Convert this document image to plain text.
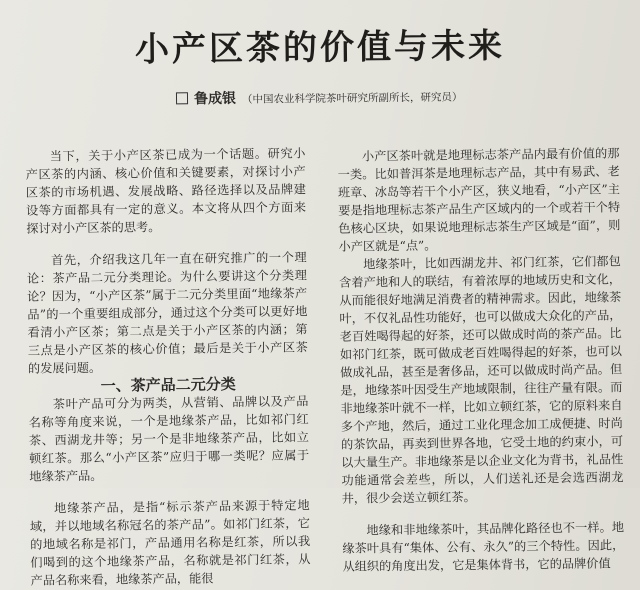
小产区茶的价值与未来
鲁成银 （中国农业科学院茶叶研究所副所长，研究员）

当下，关于小产区茶已成为一个话题。研究小产区茶的内涵、核心价值和关键要素，对探讨小产区茶的市场机遇、发展战略、路径选择以及品牌建设等方面都具有一定的意义。本文将从四个方面来探讨对小产区茶的思考。

首先，介绍我这几年一直在研究推广的一个理论：茶产品二元分类理论。为什么要讲这个分类理论？因为，“小产区茶”属于二元分类里面“地缘茶产品”的一个重要组成部分，通过这个分类可以更好地看清小产区茶；第二点是关于小产区茶的内涵；第三点是小产区茶的核心价值；最后是关于小产区茶的发展问题。

一、茶产品二元分类

茶叶产品可分为两类，从营销、品牌以及产品名称等角度来说，一个是地缘茶产品，比如祁门红茶、西湖龙井等；另一个是非地缘茶产品，比如立顿红茶。那么“小产区茶”应归于哪一类呢？应属于地缘茶产品。

地缘茶产品，是指“标示茶产品来源于特定地域，并以地域名称冠名的茶产品”。如祁门红茶，它的地域名称是祁门，产品通用名称是红茶，所以我们喝到的这个地缘茶产品，名称就是祁门红茶，从产品名称来看，地缘茶产品，能很

小产区茶叶就是地理标志茶产品内最有价值的那一类。比如普洱茶是地理标志产品，其中有易武、老班章、冰岛等若干个小产区，狭义地看，“小产区”主要是指地理标志茶产品生产区域内的一个或若干个特色核心区块，如果说地理标志茶生产区域是“面”，则小产区就是“点”。

地缘茶叶，比如西湖龙井、祁门红茶，它们都包含着产地和人的联结，有着浓厚的地域历史和文化，从而能很好地满足消费者的精神需求。因此，地缘茶叶，不仅礼品性功能好，也可以做成大众化的产品，老百姓喝得起的好茶，还可以做成时尚的茶产品。比如祁门红茶，既可做成老百姓喝得起的好茶，也可以做成礼品，甚至是奢侈品，还可以做成时尚产品。但是，地缘茶叶因受生产地域限制，往往产量有限。而非地缘茶叶就不一样，比如立顿红茶，它的原料来自多个产地，然后，通过工业化理念加工成便捷、时尚的茶饮品，再卖到世界各地，它受土地的约束小，可以大量生产。非地缘茶是以企业文化为背书，礼品性功能通常会差些，所以，人们送礼还是会选西湖龙井，很少会送立顿红茶。

地缘和非地缘茶叶，其品牌化路径也不一样。地缘茶叶具有“集体、公有、永久”的三个特性。因此，从组织的角度出发，它是集体背书，它的品牌价值
